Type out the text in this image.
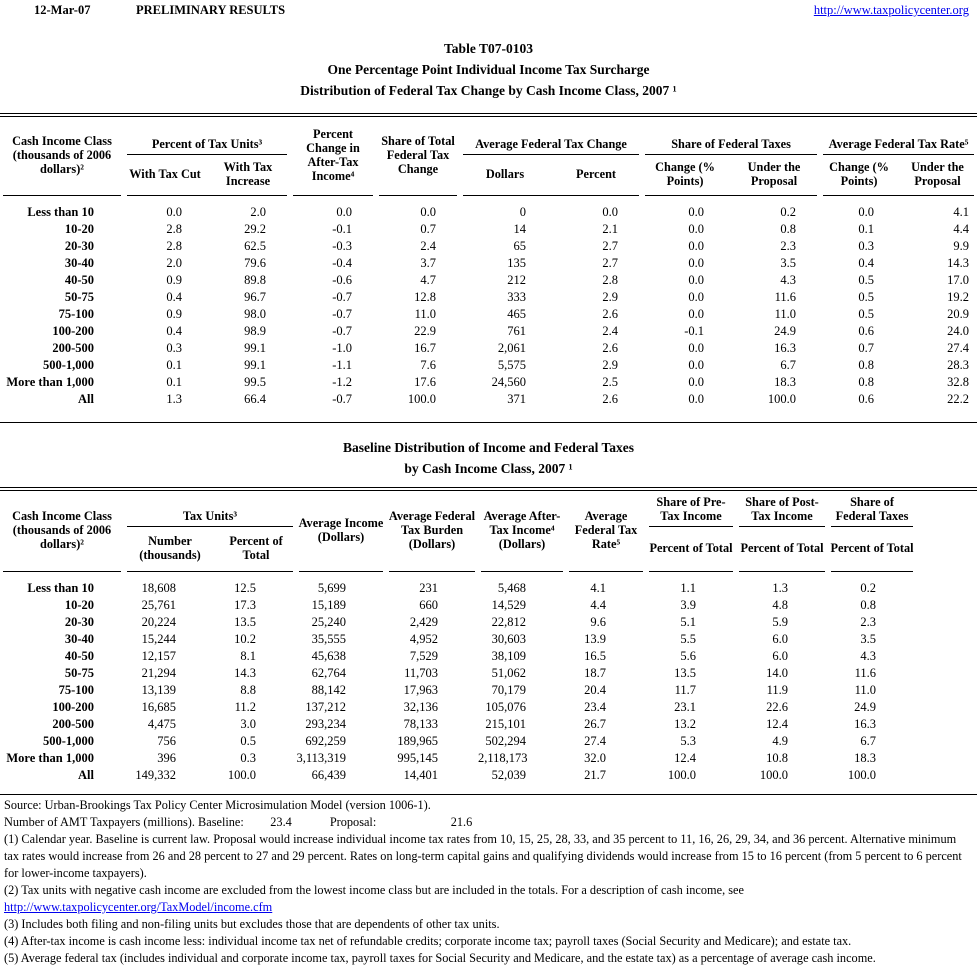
12-Mar-07	PRELIMINARY RESULTS	http://www.taxpolicycenter.org
Table T07-0103
One Percentage Point Individual Income Tax Surcharge
Distribution of Federal Tax Change by Cash Income Class, 2007 ¹
Cash Income Class (thousands of 2006 dollars)²	Percent of Tax Units³		Percent Change in After-Tax Income⁴	Share of Total Federal Tax Change	Average Federal Tax Change		Share of Federal Taxes		Average Federal Tax Rate⁵	

	With Tax Cut	With Tax Increase			Dollars	Percent	Change (% Points)	Under the Proposal	Change (% Points)	Under the Proposal

Less than 10	0.0	2.0	0.0	0.0	0	0.0	0.0	0.2	0.0	4.1
10-20	2.8	29.2	-0.1	0.7	14	2.1	0.0	0.8	0.1	4.4
20-30	2.8	62.5	-0.3	2.4	65	2.7	0.0	2.3	0.3	9.9
30-40	2.0	79.6	-0.4	3.7	135	2.7	0.0	3.5	0.4	14.3
40-50	0.9	89.8	-0.6	4.7	212	2.8	0.0	4.3	0.5	17.0
50-75	0.4	96.7	-0.7	12.8	333	2.9	0.0	11.6	0.5	19.2
75-100	0.9	98.0	-0.7	11.0	465	2.6	0.0	11.0	0.5	20.9
100-200	0.4	98.9	-0.7	22.9	761	2.4	-0.1	24.9	0.6	24.0
200-500	0.3	99.1	-1.0	16.7	2,061	2.6	0.0	16.3	0.7	27.4
500-1,000	0.1	99.1	-1.1	7.6	5,575	2.9	0.0	6.7	0.8	28.3
More than 1,000	0.1	99.5	-1.2	17.6	24,560	2.5	0.0	18.3	0.8	32.8
All	1.3	66.4	-0.7	100.0	371	2.6	0.0	100.0	0.6	22.2
Baseline Distribution of Income and Federal Taxes
by Cash Income Class, 2007 ¹
Cash Income Class (thousands of 2006 dollars)²	Tax Units³		Average Income (Dollars)	Average Federal Tax Burden (Dollars)	Average After-Tax Income⁴ (Dollars)	Average Federal Tax Rate⁵	Share of Pre-Tax Income	Share of Post-Tax Income	Share of Federal Taxes	

	Number (thousands)	Percent of Total					Percent of Total	Percent of Total	Percent of Total	

Less than 10	18,608	12.5	5,699	231	5,468	4.1	1.1	1.3	0.2	
10-20	25,761	17.3	15,189	660	14,529	4.4	3.9	4.8	0.8	
20-30	20,224	13.5	25,240	2,429	22,812	9.6	5.1	5.9	2.3	
30-40	15,244	10.2	35,555	4,952	30,603	13.9	5.5	6.0	3.5	
40-50	12,157	8.1	45,638	7,529	38,109	16.5	5.6	6.0	4.3	
50-75	21,294	14.3	62,764	11,703	51,062	18.7	13.5	14.0	11.6	
75-100	13,139	8.8	88,142	17,963	70,179	20.4	11.7	11.9	11.0	
100-200	16,685	11.2	137,212	32,136	105,076	23.4	23.1	22.6	24.9	
200-500	4,475	3.0	293,234	78,133	215,101	26.7	13.2	12.4	16.3	
500-1,000	756	0.5	692,259	189,965	502,294	27.4	5.3	4.9	6.7	
More than 1,000	396	0.3	3,113,319	995,145	2,118,173	32.0	12.4	10.8	18.3	
All	149,332	100.0	66,439	14,401	52,039	21.7	100.0	100.0	100.0	
Source: Urban-Brookings Tax Policy Center Microsimulation Model (version 1006-1).
Number of AMT Taxpayers (millions). Baseline: 23.4	Proposal:	21.6
(1) Calendar year. Baseline is current law. Proposal would increase individual income tax rates from 10, 15, 25, 28, 33, and 35 percent to 11, 16, 26, 29, 34, and 36 percent. Alternative minimum tax rates would increase from 26 and 28 percent to 27 and 29 percent. Rates on long-term capital gains and qualifying dividends would increase from 15 to 16 percent (from 5 percent to 6 percent for lower-income taxpayers).
(2) Tax units with negative cash income are excluded from the lowest income class but are included in the totals. For a description of cash income, see
http://www.taxpolicycenter.org/TaxModel/income.cfm
(3) Includes both filing and non-filing units but excludes those that are dependents of other tax units.
(4) After-tax income is cash income less: individual income tax net of refundable credits; corporate income tax; payroll taxes (Social Security and Medicare); and estate tax.
(5) Average federal tax (includes individual and corporate income tax, payroll taxes for Social Security and Medicare, and the estate tax) as a percentage of average cash income.
